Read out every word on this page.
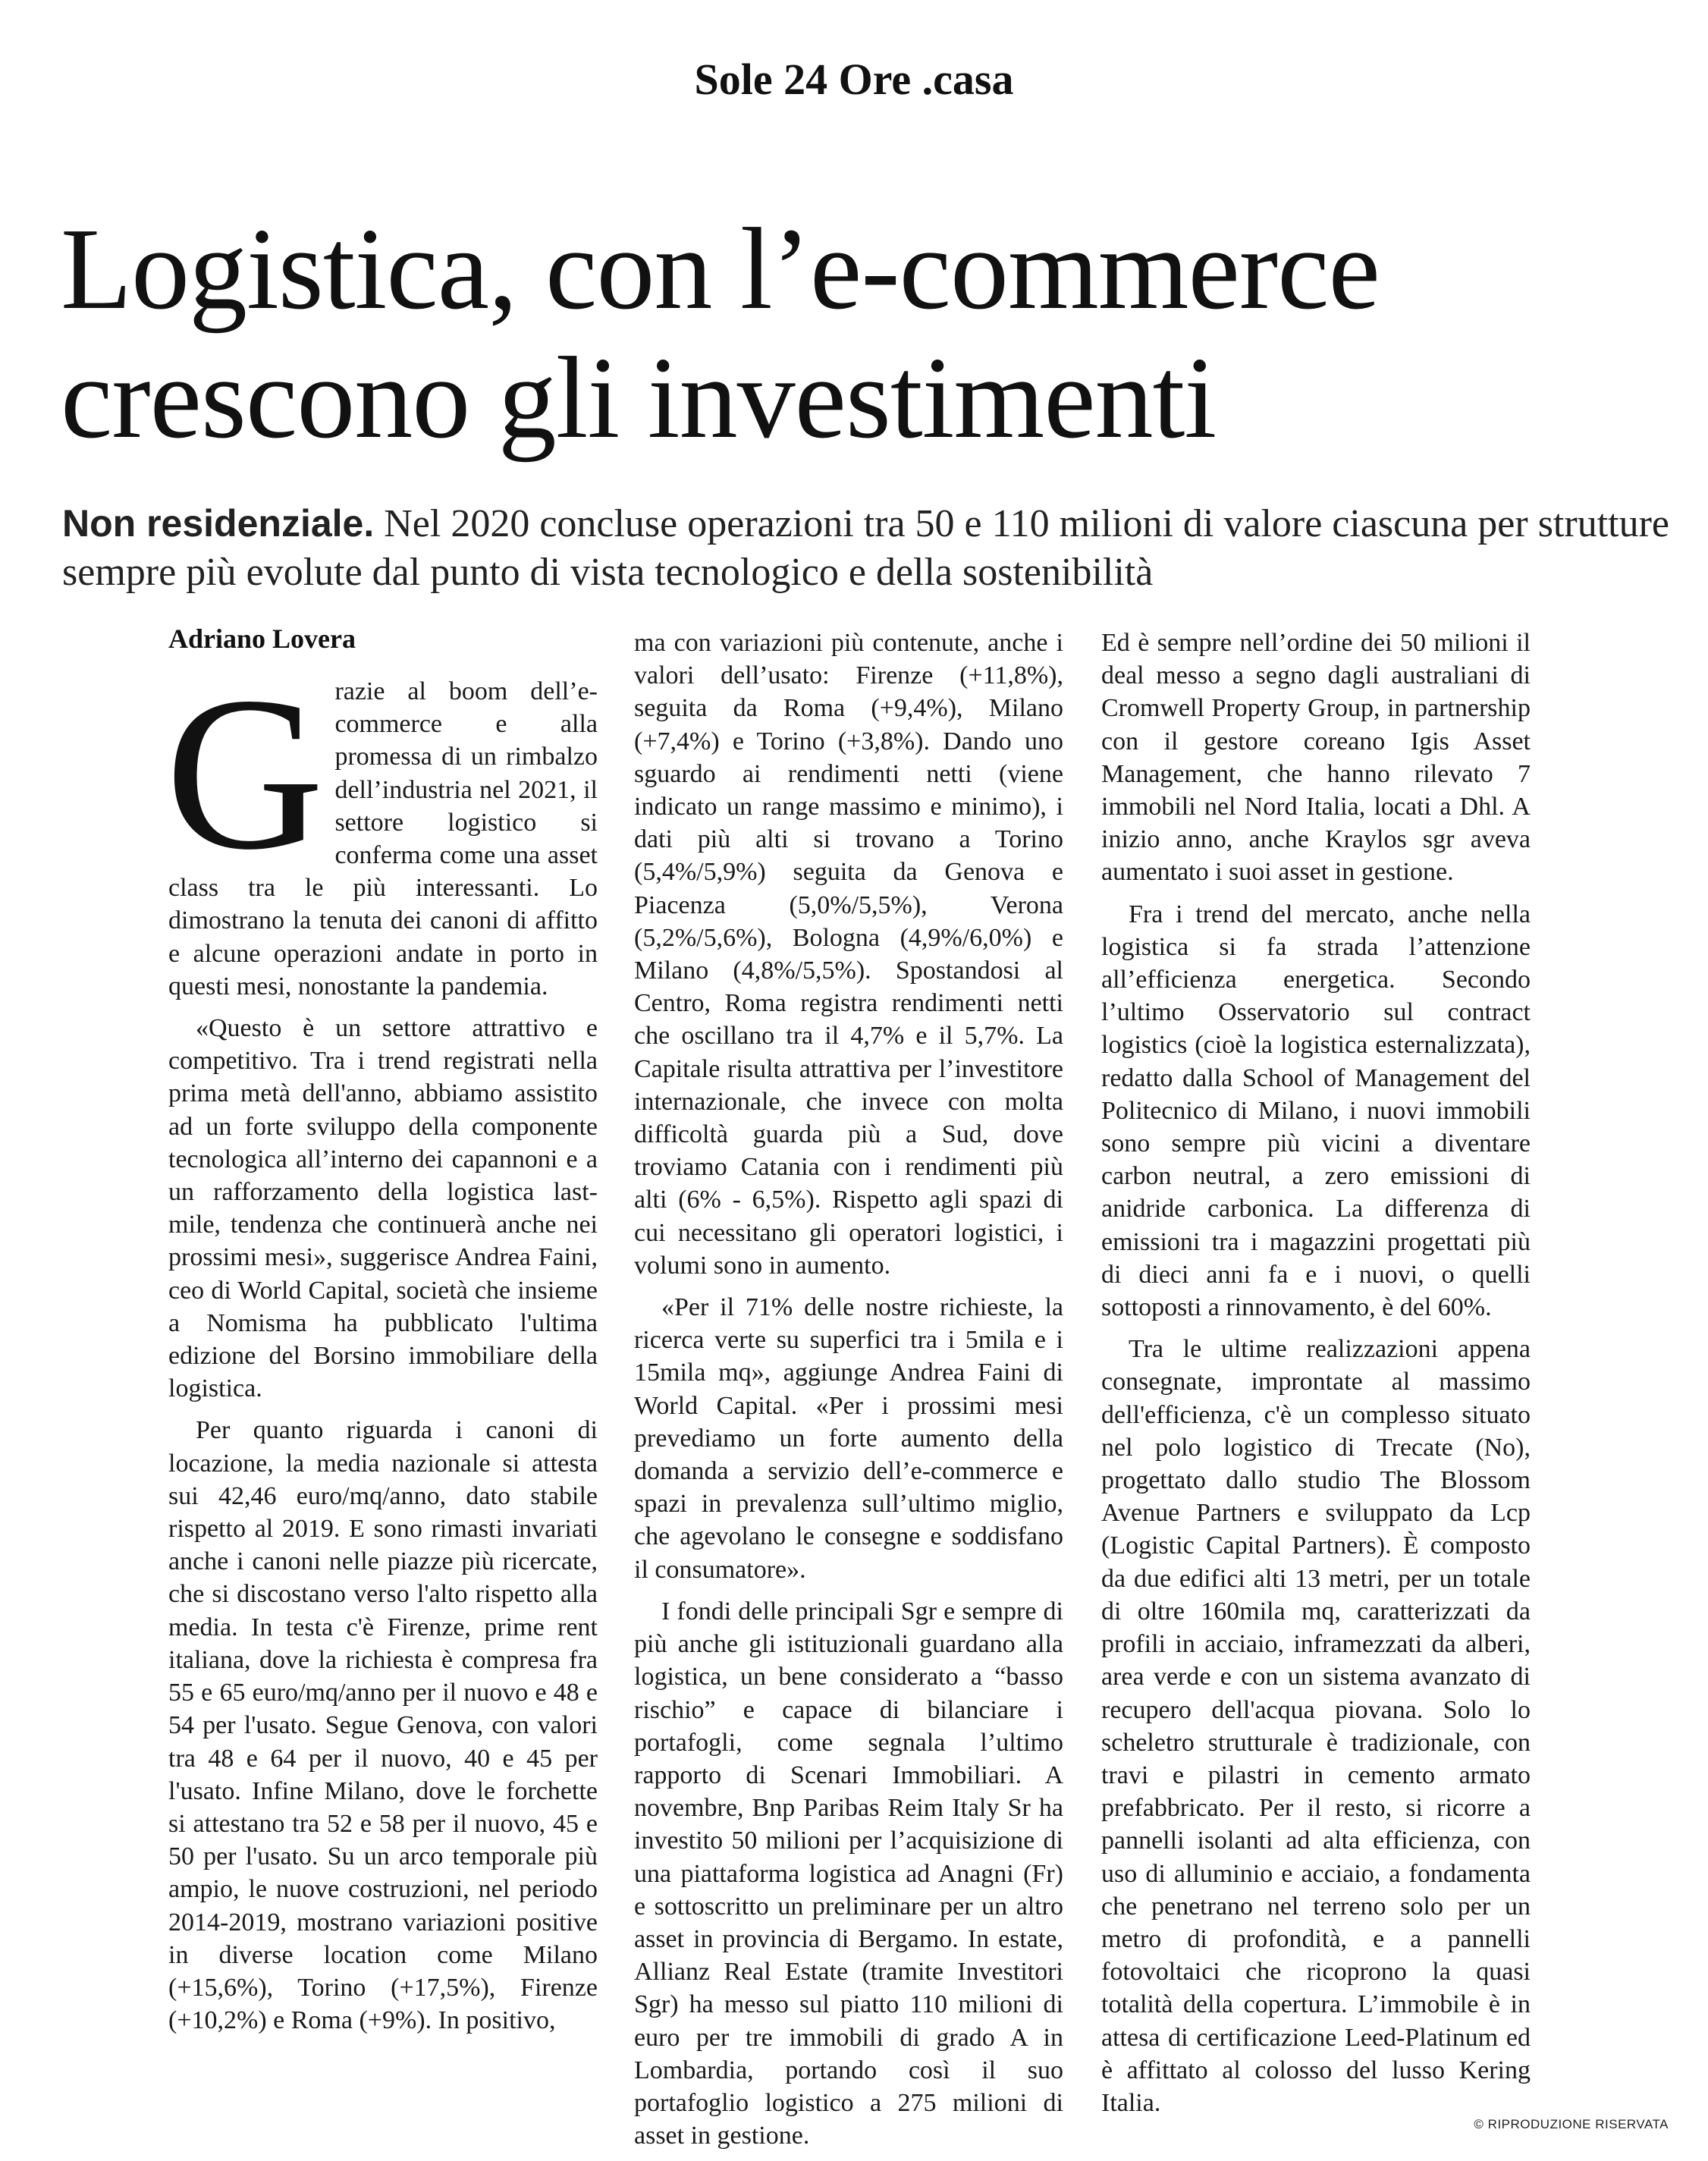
Sole 24 Ore .casa
Logistica, con l’e-commerce
crescono gli investimenti

Non residenziale. Nel 2020 concluse operazioni tra 50 e 110 milioni di valore ciascuna per strutture sempre più evolute dal punto di vista tecnologico e della sostenibilità

Adriano Lovera
G razie al boom dell’e-commerce e alla promessa di un rimbalzo dell’industria nel 2021, il settore logistico si conferma come una asset class tra le più interessanti. Lo dimostrano la tenuta dei canoni di affitto e alcune operazioni andate in porto in questi mesi, nonostante la pandemia.

«Questo è un settore attrattivo e competitivo. Tra i trend registrati nella prima metà dell'anno, abbiamo assistito ad un forte sviluppo della componente tecnologica all’interno dei capannoni e a un rafforzamento della logistica last-mile, tendenza che continuerà anche nei prossimi mesi», suggerisce Andrea Faini, ceo di World Capital, società che insieme a Nomisma ha pubblicato l'ultima edizione del Borsino immobiliare della logistica.

Per quanto riguarda i canoni di locazione, la media nazionale si attesta sui 42,46 euro/mq/anno, dato stabile rispetto al 2019. E sono rimasti invariati anche i canoni nelle piazze più ricercate, che si discostano verso l'alto rispetto alla media. In testa c'è Firenze, prime rent italiana, dove la richiesta è compresa fra 55 e 65 euro/mq/anno per il nuovo e 48 e 54 per l'usato. Segue Genova, con valori tra 48 e 64 per il nuovo, 40 e 45 per l'usato. Infine Milano, dove le forchette si attestano tra 52 e 58 per il nuovo, 45 e 50 per l'usato. Su un arco temporale più ampio, le nuove costruzioni, nel periodo 2014-2019, mostrano variazioni positive in diverse location come Milano (+15,6%), Torino (+17,5%), Firenze (+10,2%) e Roma (+9%). In positivo,

ma con variazioni più contenute, anche i valori dell’usato: Firenze (+11,8%), seguita da Roma (+9,4%), Milano (+7,4%) e Torino (+3,8%). Dando uno sguardo ai rendimenti netti (viene indicato un range massimo e minimo), i dati più alti si trovano a Torino (5,4%/5,9%) seguita da Genova e Piacenza (5,0%/5,5%), Verona (5,2%/5,6%), Bologna (4,9%/6,0%) e Milano (4,8%/5,5%). Spostandosi al Centro, Roma registra rendimenti netti che oscillano tra il 4,7% e il 5,7%. La Capitale risulta attrattiva per l’investitore internazionale, che invece con molta difficoltà guarda più a Sud, dove troviamo Catania con i rendimenti più alti (6% - 6,5%). Rispetto agli spazi di cui necessitano gli operatori logistici, i volumi sono in aumento.

«Per il 71% delle nostre richieste, la ricerca verte su superfici tra i 5mila e i 15mila mq», aggiunge Andrea Faini di World Capital. «Per i prossimi mesi prevediamo un forte aumento della domanda a servizio dell’e-commerce e spazi in prevalenza sull’ultimo miglio, che agevolano le consegne e soddisfano il consumatore».

I fondi delle principali Sgr e sempre di più anche gli istituzionali guardano alla logistica, un bene considerato a “basso rischio” e capace di bilanciare i portafogli, come segnala l’ultimo rapporto di Scenari Immobiliari. A novembre, Bnp Paribas Reim Italy Sr ha investito 50 milioni per l’acquisizione di una piattaforma logistica ad Anagni (Fr) e sottoscritto un preliminare per un altro asset in provincia di Bergamo. In estate, Allianz Real Estate (tramite Investitori Sgr) ha messo sul piatto 110 milioni di euro per tre immobili di grado A in Lombardia, portando così il suo portafoglio logistico a 275 milioni di asset in gestione.

Ed è sempre nell’ordine dei 50 milioni il deal messo a segno dagli australiani di Cromwell Property Group, in partnership con il gestore coreano Igis Asset Management, che hanno rilevato 7 immobili nel Nord Italia, locati a Dhl. A inizio anno, anche Kraylos sgr aveva aumentato i suoi asset in gestione.

Fra i trend del mercato, anche nella logistica si fa strada l’attenzione all’efficienza energetica. Secondo l’ultimo Osservatorio sul contract logistics (cioè la logistica esternalizzata), redatto dalla School of Management del Politecnico di Milano, i nuovi immobili sono sempre più vicini a diventare carbon neutral, a zero emissioni di anidride carbonica. La differenza di emissioni tra i magazzini progettati più di dieci anni fa e i nuovi, o quelli sottoposti a rinnovamento, è del 60%.

Tra le ultime realizzazioni appena consegnate, improntate al massimo dell'efficienza, c'è un complesso situato nel polo logistico di Trecate (No), progettato dallo studio The Blossom Avenue Partners e sviluppato da Lcp (Logistic Capital Partners). È composto da due edifici alti 13 metri, per un totale di oltre 160mila mq, caratterizzati da profili in acciaio, inframezzati da alberi, area verde e con un sistema avanzato di recupero dell'acqua piovana. Solo lo scheletro strutturale è tradizionale, con travi e pilastri in cemento armato prefabbricato. Per il resto, si ricorre a pannelli isolanti ad alta efficienza, con uso di alluminio e acciaio, a fondamenta che penetrano nel terreno solo per un metro di profondità, e a pannelli fotovoltaici che ricoprono la quasi totalità della copertura. L’immobile è in attesa di certificazione Leed-Platinum ed è affittato al colosso del lusso Kering Italia.

© RIPRODUZIONE RISERVATA
